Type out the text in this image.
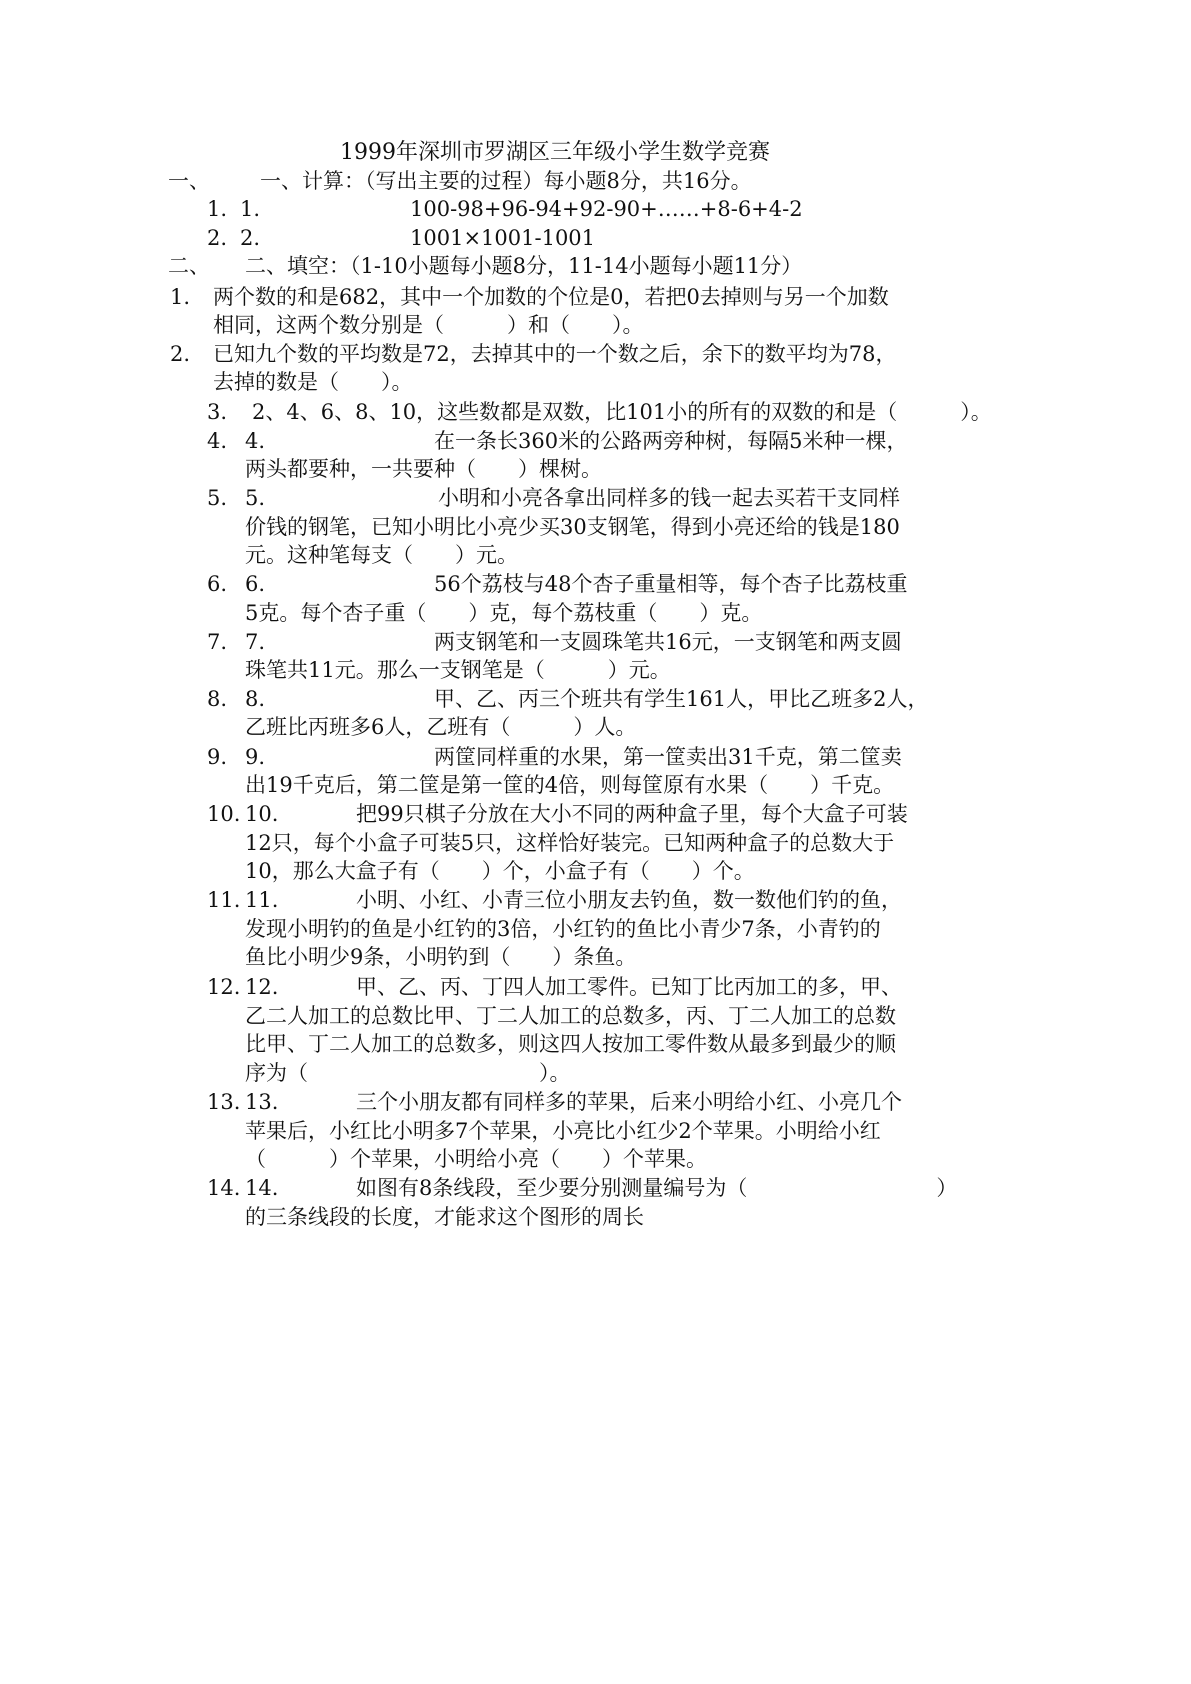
1999年深圳市罗湖区三年级小学生数学竞赛
一、 一、计算：（写出主要的过程）每小题8分，共16分。
1. 1.	100-98+96-94+92-90+……+8-6+4-2
2. 2.	1001×1001-1001
二、 二、填空：（1-10小题每小题8分，11-14小题每小题11分）
1. 两个数的和是682，其中一个加数的个位是0，若把0去掉则与另一个加数
相同，这两个数分别是（　　　）和（　　）。
2. 已知九个数的平均数是72，去掉其中的一个数之后，余下的数平均为78，
去掉的数是（　　）。
3. 2、4、6、8、10，这些数都是双数，比101小的所有的双数的和是（　　　）。
4. 4.	在一条长360米的公路两旁种树，每隔5米种一棵，
两头都要种，一共要种（　　）棵树。
5. 5.	小明和小亮各拿出同样多的钱一起去买若干支同样
价钱的钢笔，已知小明比小亮少买30支钢笔，得到小亮还给的钱是180
元。这种笔每支（　　）元。
6. 6.	56个荔枝与48个杏子重量相等，每个杏子比荔枝重
5克。每个杏子重（　　）克，每个荔枝重（　　）克。
7. 7.	两支钢笔和一支圆珠笔共16元，一支钢笔和两支圆
珠笔共11元。那么一支钢笔是（　　　）元。
8. 8.	甲、乙、丙三个班共有学生161人，甲比乙班多2人，
乙班比丙班多6人，乙班有（　　　）人。
9. 9.	两筐同样重的水果，第一筐卖出31千克，第二筐卖
出19千克后，第二筐是第一筐的4倍，则每筐原有水果（　　）千克。
10. 10.	把99只棋子分放在大小不同的两种盒子里，每个大盒子可装
12只，每个小盒子可装5只，这样恰好装完。已知两种盒子的总数大于
10，那么大盒子有（　　）个，小盒子有（　　）个。
11. 11.	小明、小红、小青三位小朋友去钓鱼，数一数他们钓的鱼，
发现小明钓的鱼是小红钓的3倍，小红钓的鱼比小青少7条，小青钓的
鱼比小明少9条，小明钓到（　　）条鱼。
12. 12.	甲、乙、丙、丁四人加工零件。已知丁比丙加工的多，甲、
乙二人加工的总数比甲、丁二人加工的总数多，丙、丁二人加工的总数
比甲、丁二人加工的总数多，则这四人按加工零件数从最多到最少的顺
序为（　　　　　　　　　　　）。
13. 13.	三个小朋友都有同样多的苹果，后来小明给小红、小亮几个
苹果后，小红比小明多7个苹果，小亮比小红少2个苹果。小明给小红
（　　　）个苹果，小明给小亮（　　）个苹果。
14. 14.	如图有8条线段，至少要分别测量编号为（　　　　　　　　　）
的三条线段的长度，才能求这个图形的周长
